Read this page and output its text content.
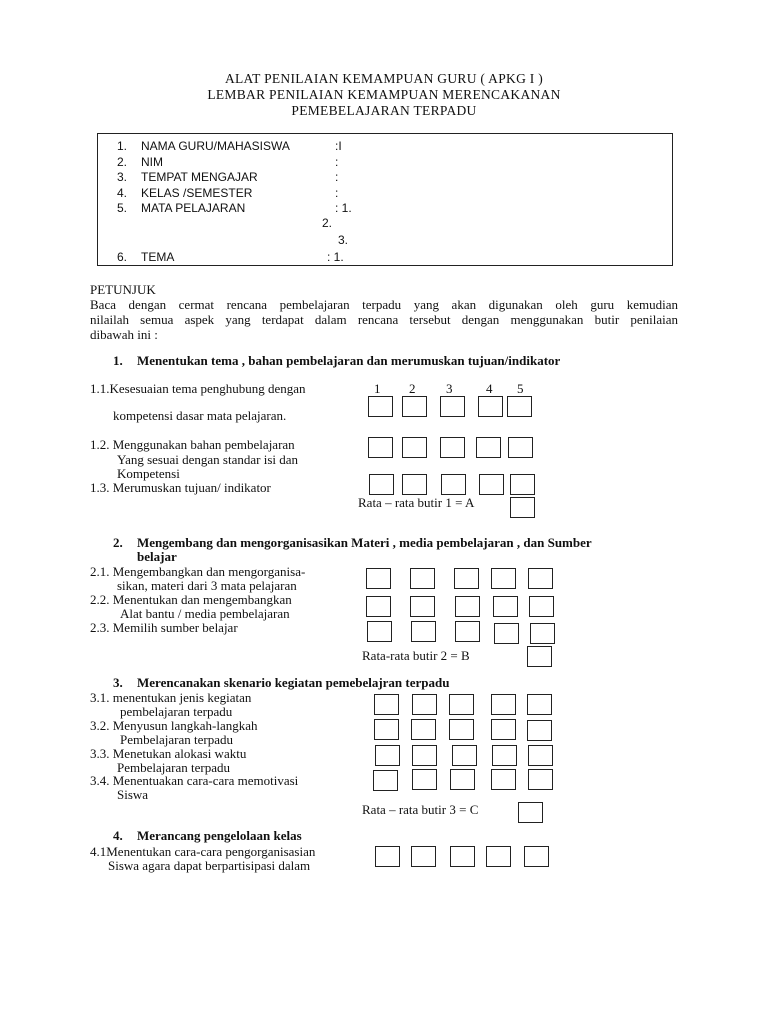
ALAT PENILAIAN KEMAMPUAN GURU ( APKG I )
LEMBAR PENILAIAN KEMAMPUAN MERENCAKANAN
PEMEBELAJARAN TERPADU
1. NAMA GURU/MAHASISWA	:I
2. NIM	:
3. TEMPAT MENGAJAR	:
4. KELAS /SEMESTER	:
5. MATA PELAJARAN	: 1.
2.
3.
6. TEMA	: 1.
PETUNJUK
Baca dengan cermat rencana pembelajaran terpadu yang akan digunakan oleh guru kemudian
nilailah semua aspek yang terdapat dalam rencana tersebut dengan menggunakan butir penilaian
dibawah ini :
1. Menentukan tema , bahan pembelajaran dan merumuskan tujuan/indikator
1 2 3	4 5
1.1.Kesesuaian tema penghubung dengan
kompetensi dasar mata pelajaran.
1.2. Menggunakan bahan pembelajaran
Yang sesuai dengan standar isi dan
Kompetensi
1.3. Merumuskan tujuan/ indikator
Rata – rata butir 1 = A
2. Mengembang dan mengorganisasikan Materi , media pembelajaran , dan Sumber
belajar
2.1. Mengembangkan dan mengorganisa-
sikan, materi dari 3 mata pelajaran
2.2. Menentukan dan mengembangkan
Alat bantu / media pembelajaran
2.3. Memilih sumber belajar
Rata-rata butir 2 = B
3. Merencanakan skenario kegiatan pemebelajran terpadu
3.1. menentukan jenis kegiatan
pembelajaran terpadu
3.2. Menyusun langkah-langkah
Pembelajaran terpadu
3.3. Menetukan alokasi waktu
Pembelajaran terpadu
3.4. Menentuakan cara-cara memotivasi
Siswa
Rata – rata butir 3 = C
4. Merancang pengelolaan kelas
4.1Menentukan cara-cara pengorganisasian
Siswa agara dapat berpartisipasi dalam
